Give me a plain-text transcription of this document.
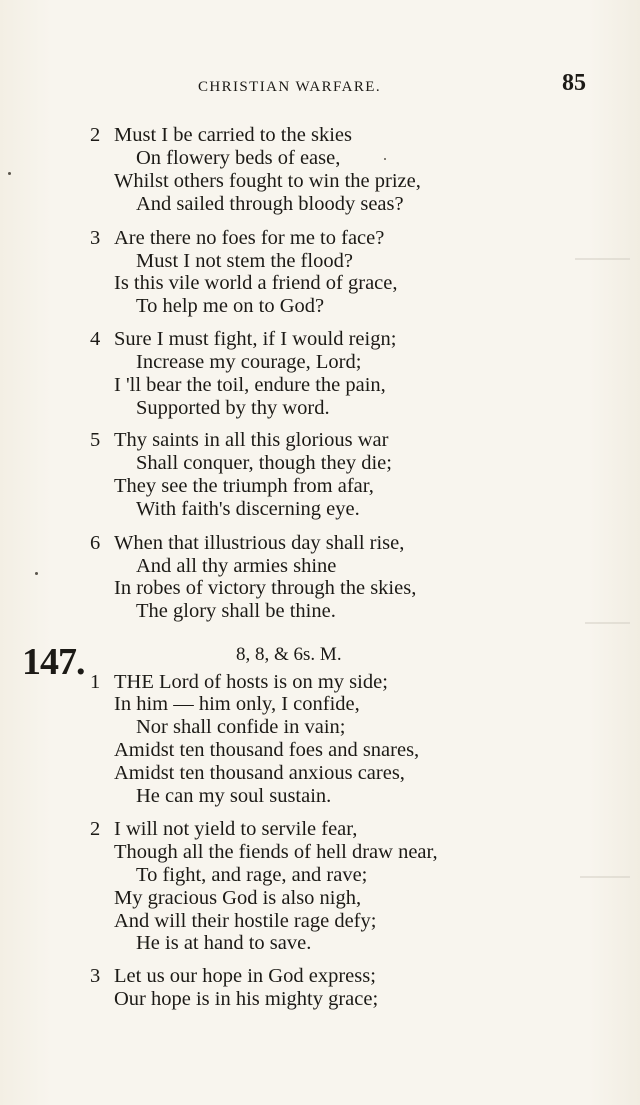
CHRISTIAN WARFARE.	85
2 Must I be carried to the skies
On flowery beds of ease,
Whilst others fought to win the prize,
And sailed through bloody seas?
3 Are there no foes for me to face?
Must I not stem the flood?
Is this vile world a friend of grace,
To help me on to God?
4 Sure I must fight, if I would reign;
Increase my courage, Lord;
I 'll bear the toil, endure the pain,
Supported by thy word.
5 Thy saints in all this glorious war
Shall conquer, though they die;
They see the triumph from afar,
With faith's discerning eye.
6 When that illustrious day shall rise,
And all thy armies shine
In robes of victory through the skies,
The glory shall be thine.
147.	8, 8, & 6s. M.
1 THE Lord of hosts is on my side;
In him — him only, I confide,
Nor shall confide in vain;
Amidst ten thousand foes and snares,
Amidst ten thousand anxious cares,
He can my soul sustain.
2 I will not yield to servile fear,
Though all the fiends of hell draw near,
To fight, and rage, and rave;
My gracious God is also nigh,
And will their hostile rage defy;
He is at hand to save.
3 Let us our hope in God express;
Our hope is in his mighty grace;
